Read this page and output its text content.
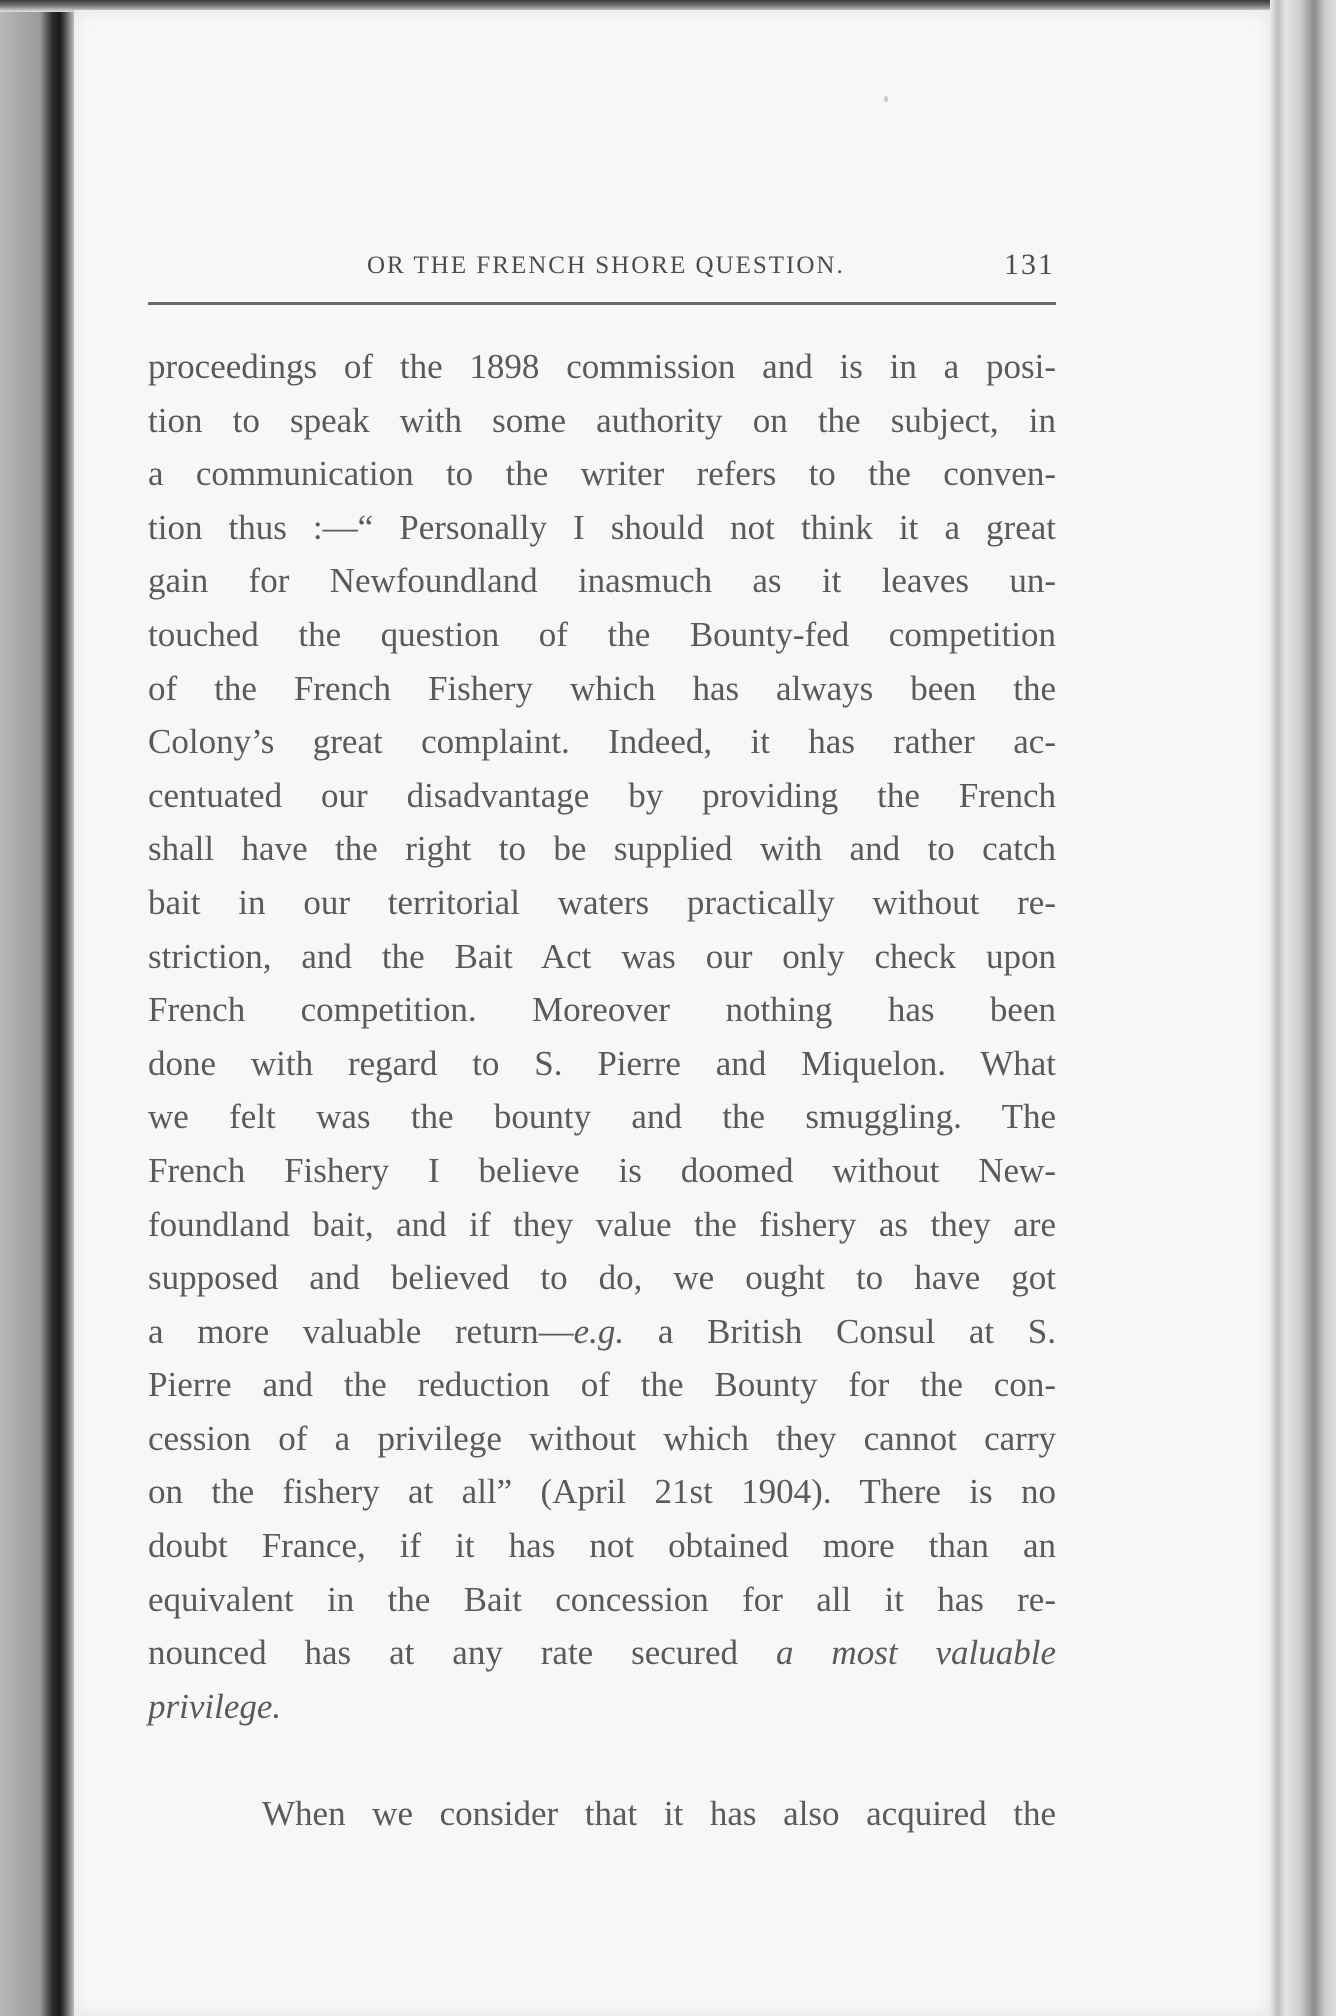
OR THE FRENCH SHORE QUESTION.	131
proceedings of the 1898 commission and is in a posi-
tion to speak with some authority on the subject, in
a communication to the writer refers to the conven-
tion thus :—“ Personally I should not think it a great
gain for Newfoundland inasmuch as it leaves un-
touched the question of the Bounty-fed competition
of the French Fishery which has always been the
Colony’s great complaint. Indeed, it has rather ac-
centuated our disadvantage by providing the French
shall have the right to be supplied with and to catch
bait in our territorial waters practically without re-
striction, and the Bait Act was our only check upon
French competition. Moreover nothing has been
done with regard to S. Pierre and Miquelon. What
we felt was the bounty and the smuggling. The
French Fishery I believe is doomed without New-
foundland bait, and if they value the fishery as they are
supposed and believed to do, we ought to have got
a more valuable return—e.g. a British Consul at S.
Pierre and the reduction of the Bounty for the con-
cession of a privilege without which they cannot carry
on the fishery at all” (April 21st 1904). There is no
doubt France, if it has not obtained more than an
equivalent in the Bait concession for all it has re-
nounced has at any rate secured a most valuable
privilege.
When we consider that it has also acquired the
